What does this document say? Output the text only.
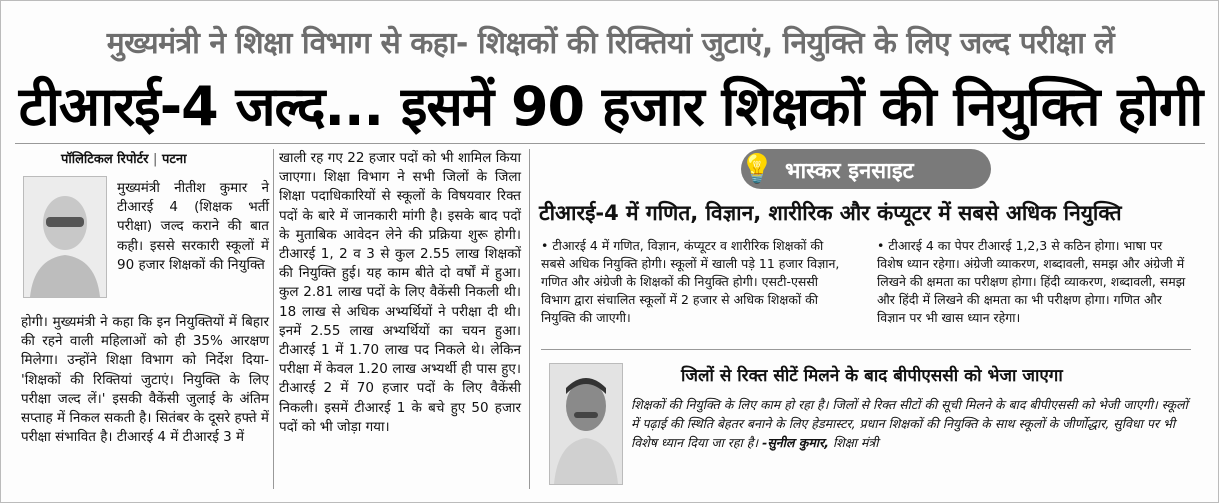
मुख्यमंत्री ने शिक्षा विभाग से कहा- शिक्षकों की रिक्तियां जुटाएं, नियुक्ति के लिए जल्द परीक्षा लें
टीआरई-4 जल्द... इसमें 90 हजार शिक्षकों की नियुक्ति होगी
पॉलिटिकल रिपोर्टर | पटना
मुख्यमंत्री नीतीश कुमार ने टीआरई 4 (शिक्षक भर्ती परीक्षा) जल्द कराने की बात कही। इससे सरकारी स्कूलों में 90 हजार शिक्षकों की नियुक्ति
होगी। मुख्यमंत्री ने कहा कि इन नियुक्तियों में बिहार की रहने वाली महिलाओं को ही 35% आरक्षण मिलेगा। उन्होंने शिक्षा विभाग को निर्देश दिया-'शिक्षकों की रिक्तियां जुटाएं। नियुक्ति के लिए परीक्षा जल्द लें।' इसकी वैकेंसी जुलाई के अंतिम सप्ताह में निकल सकती है। सितंबर के दूसरे हफ्ते में परीक्षा संभावित है। टीआरई 4 में टीआरई 3 में
खाली रह गए 22 हजार पदों को भी शामिल किया जाएगा। शिक्षा विभाग ने सभी जिलों के जिला शिक्षा पदाधिकारियों से स्कूलों के विषयवार रिक्त पदों के बारे में जानकारी मांगी है। इसके बाद पदों के मुताबिक आवेदन लेने की प्रक्रिया शुरू होगी। टीआरई 1, 2 व 3 से कुल 2.55 लाख शिक्षकों की नियुक्ति हुई। यह काम बीते दो वर्षों में हुआ। कुल 2.81 लाख पदों के लिए वैकेंसी निकली थी। 18 लाख से अधिक अभ्यर्थियों ने परीक्षा दी थी। इनमें 2.55 लाख अभ्यर्थियों का चयन हुआ। टीआरई 1 में 1.70 लाख पद निकले थे। लेकिन परीक्षा में केवल 1.20 लाख अभ्यर्थी ही पास हुए। टीआरई 2 में 70 हजार पदों के लिए वैकेंसी निकली। इसमें टीआरई 1 के बचे हुए 50 हजार पदों को भी जोड़ा गया।
💡 भास्कर इनसाइट
टीआरई-4 में गणित, विज्ञान, शारीरिक और कंप्यूटर में सबसे अधिक नियुक्ति
• टीआरई 4 में गणित, विज्ञान, कंप्यूटर व शारीरिक शिक्षकों की सबसे अधिक नियुक्ति होगी। स्कूलों में खाली पड़े 11 हजार विज्ञान, गणित और अंग्रेजी के शिक्षकों की नियुक्ति होगी। एसटी-एससी विभाग द्वारा संचालित स्कूलों में 2 हजार से अधिक शिक्षकों की नियुक्ति की जाएगी।
• टीआरई 4 का पेपर टीआरई 1,2,3 से कठिन होगा। भाषा पर विशेष ध्यान रहेगा। अंग्रेजी व्याकरण, शब्दावली, समझ और अंग्रेजी में लिखने की क्षमता का परीक्षण होगा। हिंदी व्याकरण, शब्दावली, समझ और हिंदी में लिखने की क्षमता का भी परीक्षण होगा। गणित और विज्ञान पर भी खास ध्यान रहेगा।
जिलों से रिक्त सीटें मिलने के बाद बीपीएससी को भेजा जाएगा
शिक्षकों की नियुक्ति के लिए काम हो रहा है। जिलों से रिक्त सीटों की सूची मिलने के बाद बीपीएससी को भेजी जाएगी। स्कूलों में पढ़ाई की स्थिति बेहतर बनाने के लिए हेडमास्टर, प्रधान शिक्षकों की नियुक्ति के साथ स्कूलों के जीर्णोद्धार, सुविधा पर भी विशेष ध्यान दिया जा रहा है। -सुनील कुमार, शिक्षा मंत्री
